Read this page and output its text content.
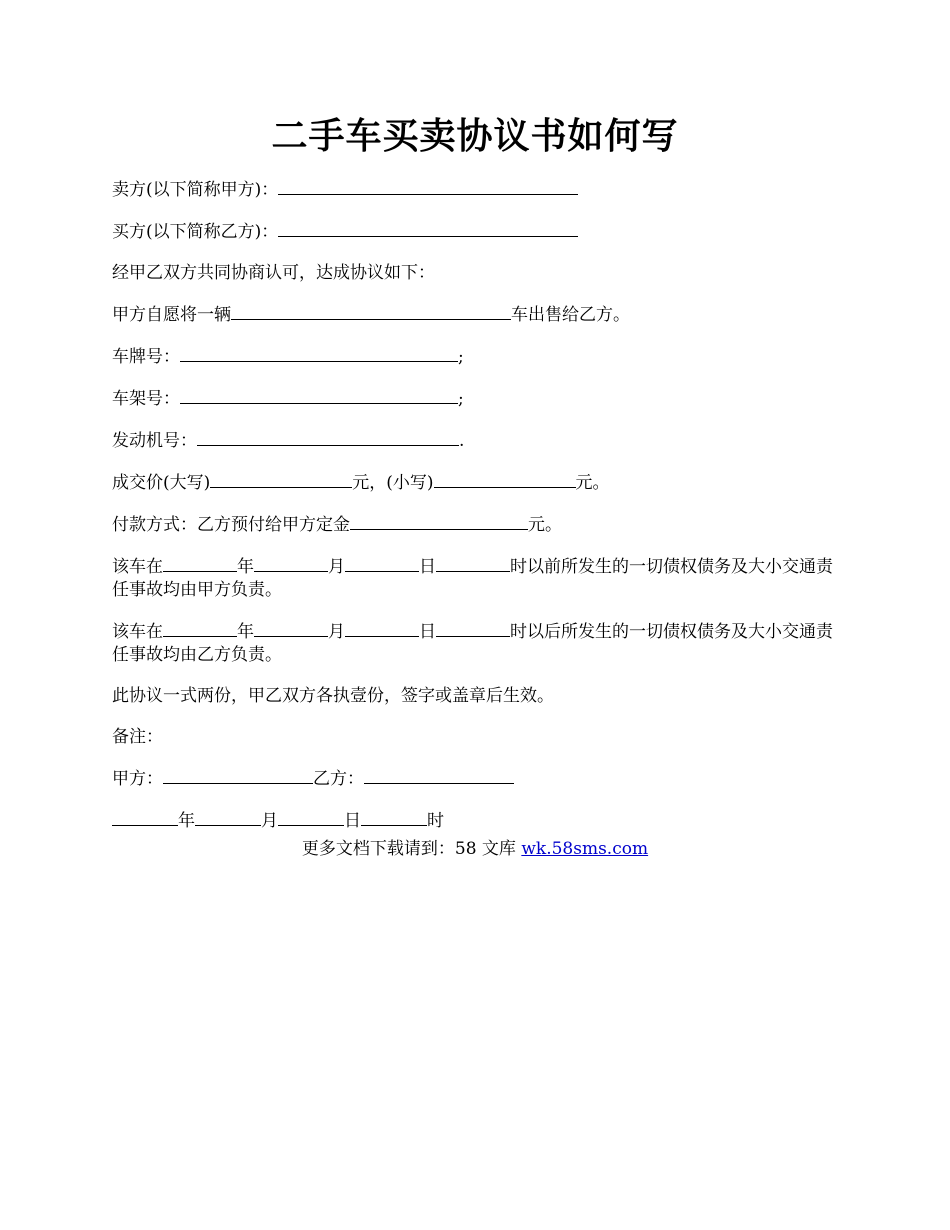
二手车买卖协议书如何写
卖方(以下简称甲方)：
买方(以下简称乙方)：
经甲乙双方共同协商认可，达成协议如下：
甲方自愿将一辆	车出售给乙方。
车牌号：	;
车架号：	;
发动机号：	.
成交价(大写)	元，(小写)	元。
付款方式：乙方预付给甲方定金	元。
该车在	年	月	日	时以前所发生的一切债权债务及大小交通责任事故均由甲方负责。
该车在	年	月	日	时以后所发生的一切债权债务及大小交通责任事故均由乙方负责。
此协议一式两份，甲乙双方各执壹份，签字或盖章后生效。
备注：
甲方：	乙方：
年	月	日	时
更多文档下载请到：58 文库 wk.58sms.com
